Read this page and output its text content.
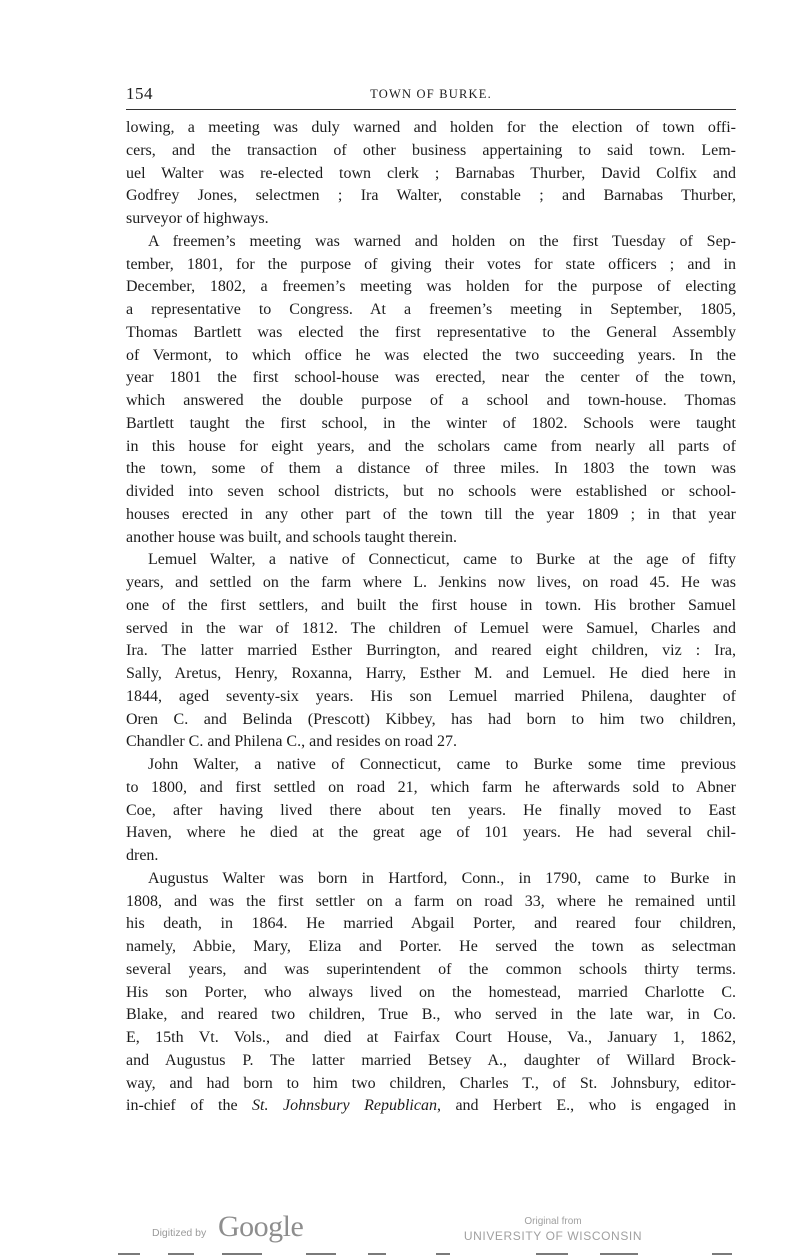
154	TOWN OF BURKE.
lowing, a meeting was duly warned and holden for the election of town offi-
cers, and the transaction of other business appertaining to said town. Lem-
uel Walter was re-elected town clerk ; Barnabas Thurber, David Colfix and
Godfrey Jones, selectmen ; Ira Walter, constable ; and Barnabas Thurber,
surveyor of highways.
A freemen’s meeting was warned and holden on the first Tuesday of Sep-
tember, 1801, for the purpose of giving their votes for state officers ; and in
December, 1802, a freemen’s meeting was holden for the purpose of electing
a representative to Congress. At a freemen’s meeting in September, 1805,
Thomas Bartlett was elected the first representative to the General Assembly
of Vermont, to which office he was elected the two succeeding years. In the
year 1801 the first school-house was erected, near the center of the town,
which answered the double purpose of a school and town-house. Thomas
Bartlett taught the first school, in the winter of 1802. Schools were taught
in this house for eight years, and the scholars came from nearly all parts of
the town, some of them a distance of three miles. In 1803 the town was
divided into seven school districts, but no schools were established or school-
houses erected in any other part of the town till the year 1809 ; in that year
another house was built, and schools taught therein.
Lemuel Walter, a native of Connecticut, came to Burke at the age of fifty
years, and settled on the farm where L. Jenkins now lives, on road 45. He was
one of the first settlers, and built the first house in town. His brother Samuel
served in the war of 1812. The children of Lemuel were Samuel, Charles and
Ira. The latter married Esther Burrington, and reared eight children, viz : Ira,
Sally, Aretus, Henry, Roxanna, Harry, Esther M. and Lemuel. He died here in
1844, aged seventy-six years. His son Lemuel married Philena, daughter of
Oren C. and Belinda (Prescott) Kibbey, has had born to him two children,
Chandler C. and Philena C., and resides on road 27.
John Walter, a native of Connecticut, came to Burke some time previous
to 1800, and first settled on road 21, which farm he afterwards sold to Abner
Coe, after having lived there about ten years. He finally moved to East
Haven, where he died at the great age of 101 years. He had several chil-
dren.
Augustus Walter was born in Hartford, Conn., in 1790, came to Burke in
1808, and was the first settler on a farm on road 33, where he remained until
his death, in 1864. He married Abgail Porter, and reared four children,
namely, Abbie, Mary, Eliza and Porter. He served the town as selectman
several years, and was superintendent of the common schools thirty terms.
His son Porter, who always lived on the homestead, married Charlotte C.
Blake, and reared two children, True B., who served in the late war, in Co.
E, 15th Vt. Vols., and died at Fairfax Court House, Va., January 1, 1862,
and Augustus P. The latter married Betsey A., daughter of Willard Brock-
way, and had born to him two children, Charles T., of St. Johnsbury, editor-
in-chief of the St. Johnsbury Republican, and Herbert E., who is engaged in
Digitized by Google	Original from
UNIVERSITY OF WISCONSIN
